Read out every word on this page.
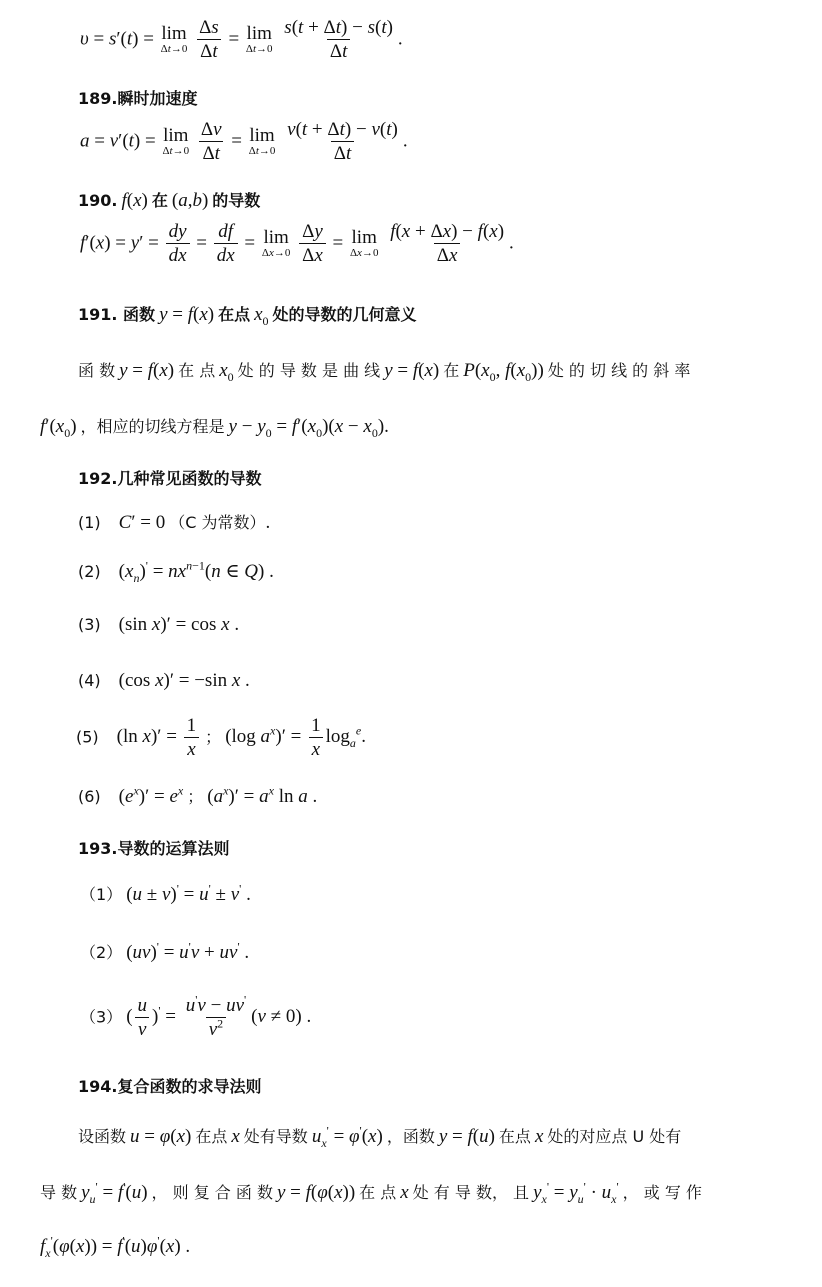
υ = s′(t) = lim
Δt→0
$\frac{\Delta s}{\Delta t} = \lim$
Δt→0
$\frac{s(t + \Delta t) - s(t)}{\Delta t}$ .
189.瞬时加速度
a = v′(t) = lim
Δt→0
$\frac{\Delta v}{\Delta t} = \lim$
Δt→0
$\frac{v(t + \Delta t) - v(t)}{\Delta t}$ .
190. f(x) 在 (a,b) 的导数
$f'(x) = y' = \frac{dy}{dx} = \frac{df}{dx} = \lim$
Δx→0
$\frac{\Delta y}{\Delta x} = \lim$
Δx→0
$\frac{f(x + \Delta x) - f(x)}{\Delta x}$ .
191. 函数 y = f(x) 在点 $x_0$ 处的导数的几何意义
函 数 y = f(x) 在 点 $x_0$ 处 的 导 数 是 曲 线 y = f(x) 在 $P(x_0$, $f(x_0)$) 处 的 切 线 的 斜 率
$f'(x_0)$ ，相应的切线方程是 $y - y_0 = f'(x_0)(x - x_0)$.
192.几种常见函数的导数
(1) C′ = 0 （C 为常数）.
(2) $(x_n)' = nx^{n-1}(n$ ∈ Q) .
(3) (sin x)′ = cos x .
(4) (cos x)′ = −sin x .
(5) (ln $x)' = \frac{1}{x}$ ； (log $a^x)' = \frac{1}{x} \log_a^e$.
(6) $(e^x)' = e^x$ ； $(a^x)' = a^x$ ln a .
193.导数的运算法则
（1） (u ± v)' = u' ± v' .
（2） (uv)' = u'v + uv' .
（3） ( $\frac{u}{v} )' = \frac{u'v - uv'}{v^2} (v \ne 0)$ .
194.复合函数的求导法则
设函数 u = φ(x) 在点 x 处有导数 $u_x' = \varphi'(x)$ ，函数 y = f(u) 在点 x 处的对应点 U 处有
导 数 $y_u' = f'(u)$ ， 则 复 合 函 数 y = f(φ(x)) 在 点 x 处 有 导 数， 且 $y_x' = y_u' \cdot u_x'$ ， 或 写 作
$f_x'(\varphi(x)) = f'(u)\varphi'(x)$ .
